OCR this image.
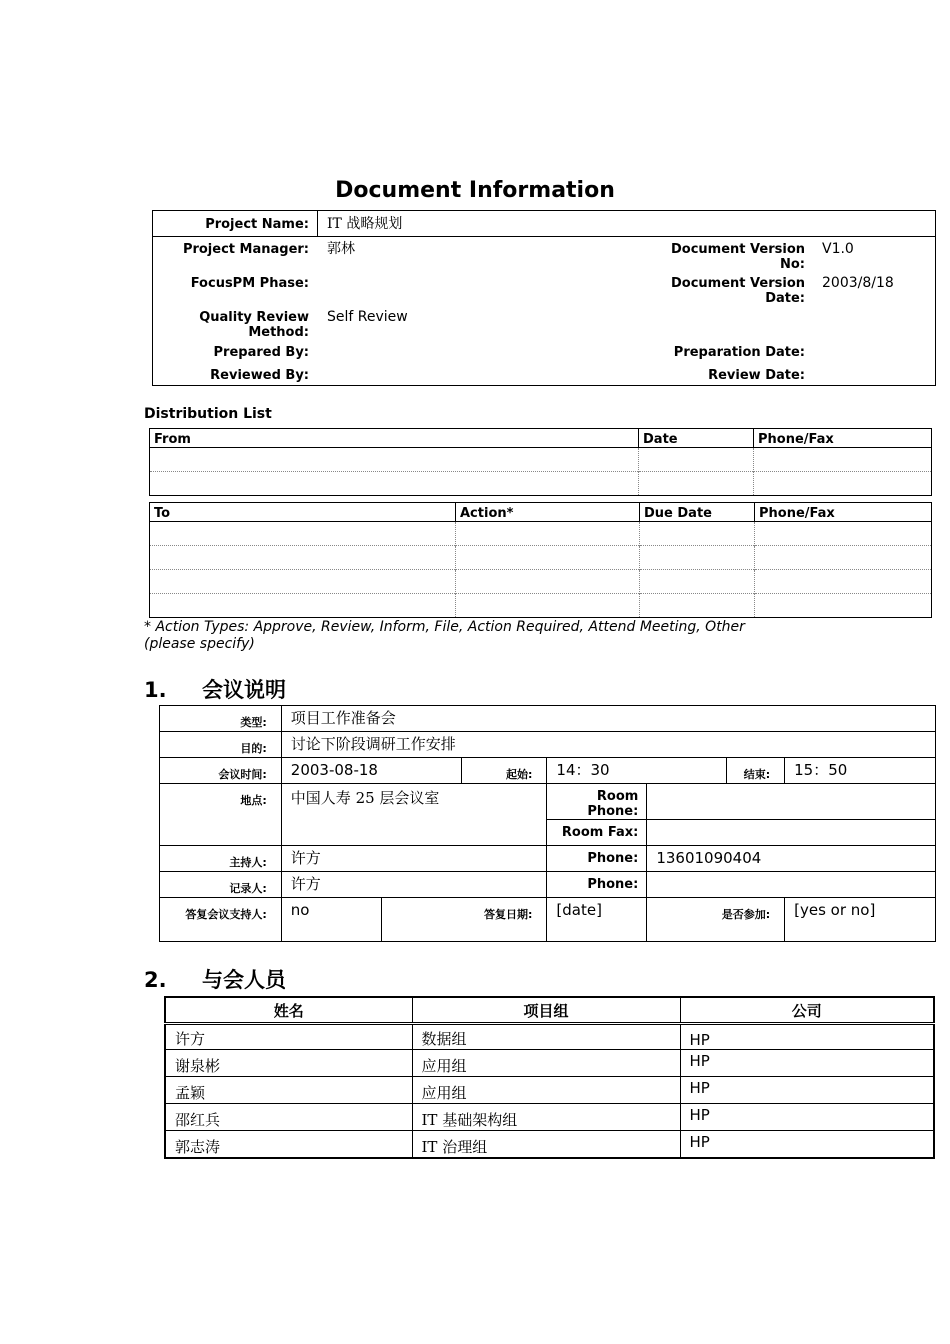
Document Information
Project Name: IT 战略规划
Project Manager: 郭林
FocusPM Phase:
Quality Review Method:
Self Review
Prepared By:
Reviewed By:
Document Version No:
V1.0
Document Version Date:
2003/8/18
Preparation Date:
Review Date:
Distribution List
From	Date	Phone/Fax

To	Action*	Due Date	Phone/Fax

* Action Types: Approve, Review, Inform, File, Action Required, Attend Meeting, Other (please specify)
1. 会议说明
类型:	项目工作准备会						
目的:	讨论下阶段调研工作安排						
会议时间:	2003-08-18		起始:	14：30		结束:	15：50
地点:	中国人寿 25 层会议室			Room Phone:			
				Room Fax:			
主持人:	许方			Phone:	13601090404		
记录人:	许方			Phone:			
答复会议支持人:	no	答复日期:		[date]	是否参加:		[yes or no]
2. 与会人员
姓名	项目组	公司
许方	数据组	HP
谢泉彬	应用组	HP
孟颖	应用组	HP
邵红兵	IT 基础架构组	HP
郭志涛	IT 治理组	HP
